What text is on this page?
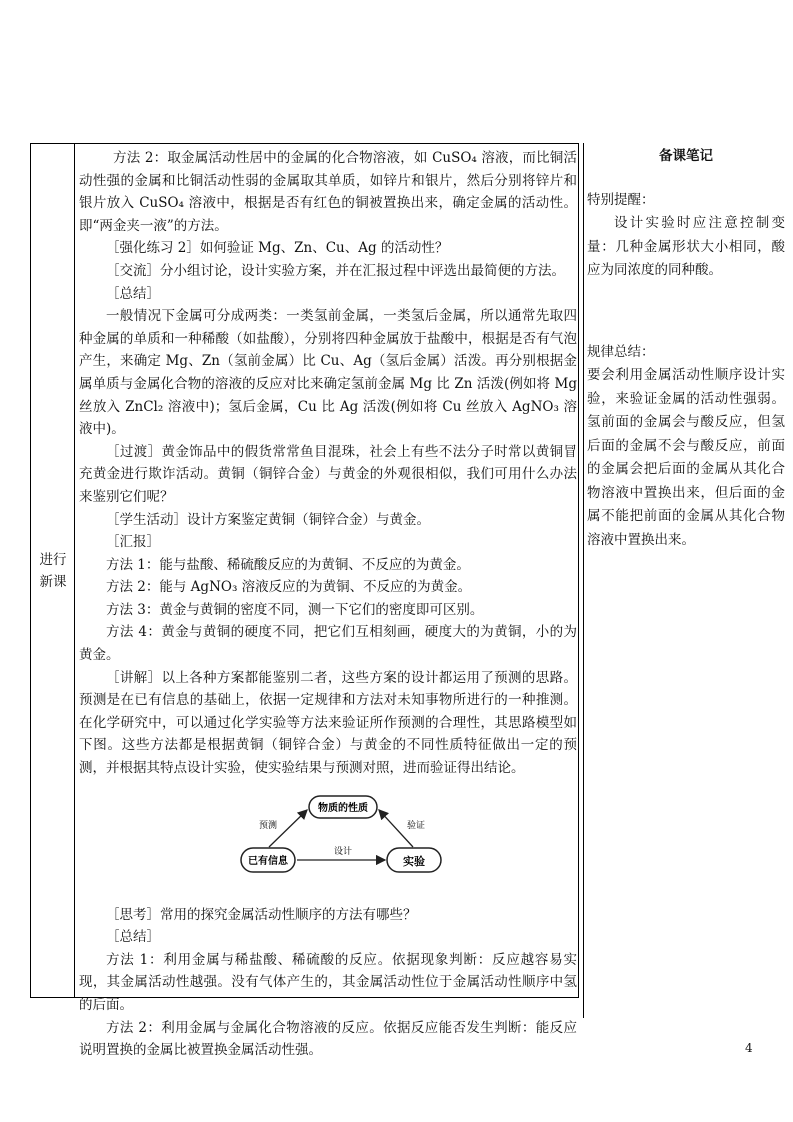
进行
新课

方法 2：取金属活动性居中的金属的化合物溶液，如 CuSO₄ 溶液，而比铜活动性强的金属和比铜活动性弱的金属取其单质，如锌片和银片，然后分别将锌片和银片放入 CuSO₄ 溶液中，根据是否有红色的铜被置换出来，确定金属的活动性。即“两金夹一液”的方法。

［强化练习 2］如何验证 Mg、Zn、Cu、Ag 的活动性？

［交流］分小组讨论，设计实验方案，并在汇报过程中评选出最简便的方法。

［总结］

一般情况下金属可分成两类：一类氢前金属，一类氢后金属，所以通常先取四种金属的单质和一种稀酸（如盐酸），分别将四种金属放于盐酸中，根据是否有气泡产生，来确定 Mg、Zn（氢前金属）比 Cu、Ag（氢后金属）活泼。再分别根据金属单质与金属化合物的溶液的反应对比来确定氢前金属 Mg 比 Zn 活泼(例如将 Mg 丝放入 ZnCl₂ 溶液中)；氢后金属，Cu 比 Ag 活泼(例如将 Cu 丝放入 AgNO₃ 溶液中)。

［过渡］黄金饰品中的假货常常鱼目混珠，社会上有些不法分子时常以黄铜冒充黄金进行欺诈活动。黄铜（铜锌合金）与黄金的外观很相似，我们可用什么办法来鉴别它们呢？

［学生活动］设计方案鉴定黄铜（铜锌合金）与黄金。

［汇报］

方法 1：能与盐酸、稀硫酸反应的为黄铜、不反应的为黄金。

方法 2：能与 AgNO₃ 溶液反应的为黄铜、不反应的为黄金。

方法 3：黄金与黄铜的密度不同，测一下它们的密度即可区别。

方法 4：黄金与黄铜的硬度不同，把它们互相刻画，硬度大的为黄铜，小的为黄金。

［讲解］以上各种方案都能鉴别二者，这些方案的设计都运用了预测的思路。预测是在已有信息的基础上，依据一定规律和方法对未知事物所进行的一种推测。在化学研究中，可以通过化学实验等方法来验证所作预测的合理性，其思路模型如下图。这些方法都是根据黄铜（铜锌合金）与黄金的不同性质特征做出一定的预测，并根据其特点设计实验，使实验结果与预测对照，进而验证得出结论。

物质的性质
已有信息	实验
预测	验证
设计

［思考］常用的探究金属活动性顺序的方法有哪些？

［总结］

方法 1：利用金属与稀盐酸、稀硫酸的反应。依据现象判断：反应越容易实现，其金属活动性越强。没有气体产生的，其金属活动性位于金属活动性顺序中氢的后面。

方法 2：利用金属与金属化合物溶液的反应。依据反应能否发生判断：能反应说明置换的金属比被置换金属活动性强。

备课笔记

特别提醒：

设计实验时应注意控制变量：几种金属形状大小相同，酸应为同浓度的同种酸。

规律总结：

要会利用金属活动性顺序设计实验，来验证金属的活动性强弱。氢前面的金属会与酸反应，但氢后面的金属不会与酸反应，前面的金属会把后面的金属从其化合物溶液中置换出来，但后面的金属不能把前面的金属从其化合物溶液中置换出来。

4
